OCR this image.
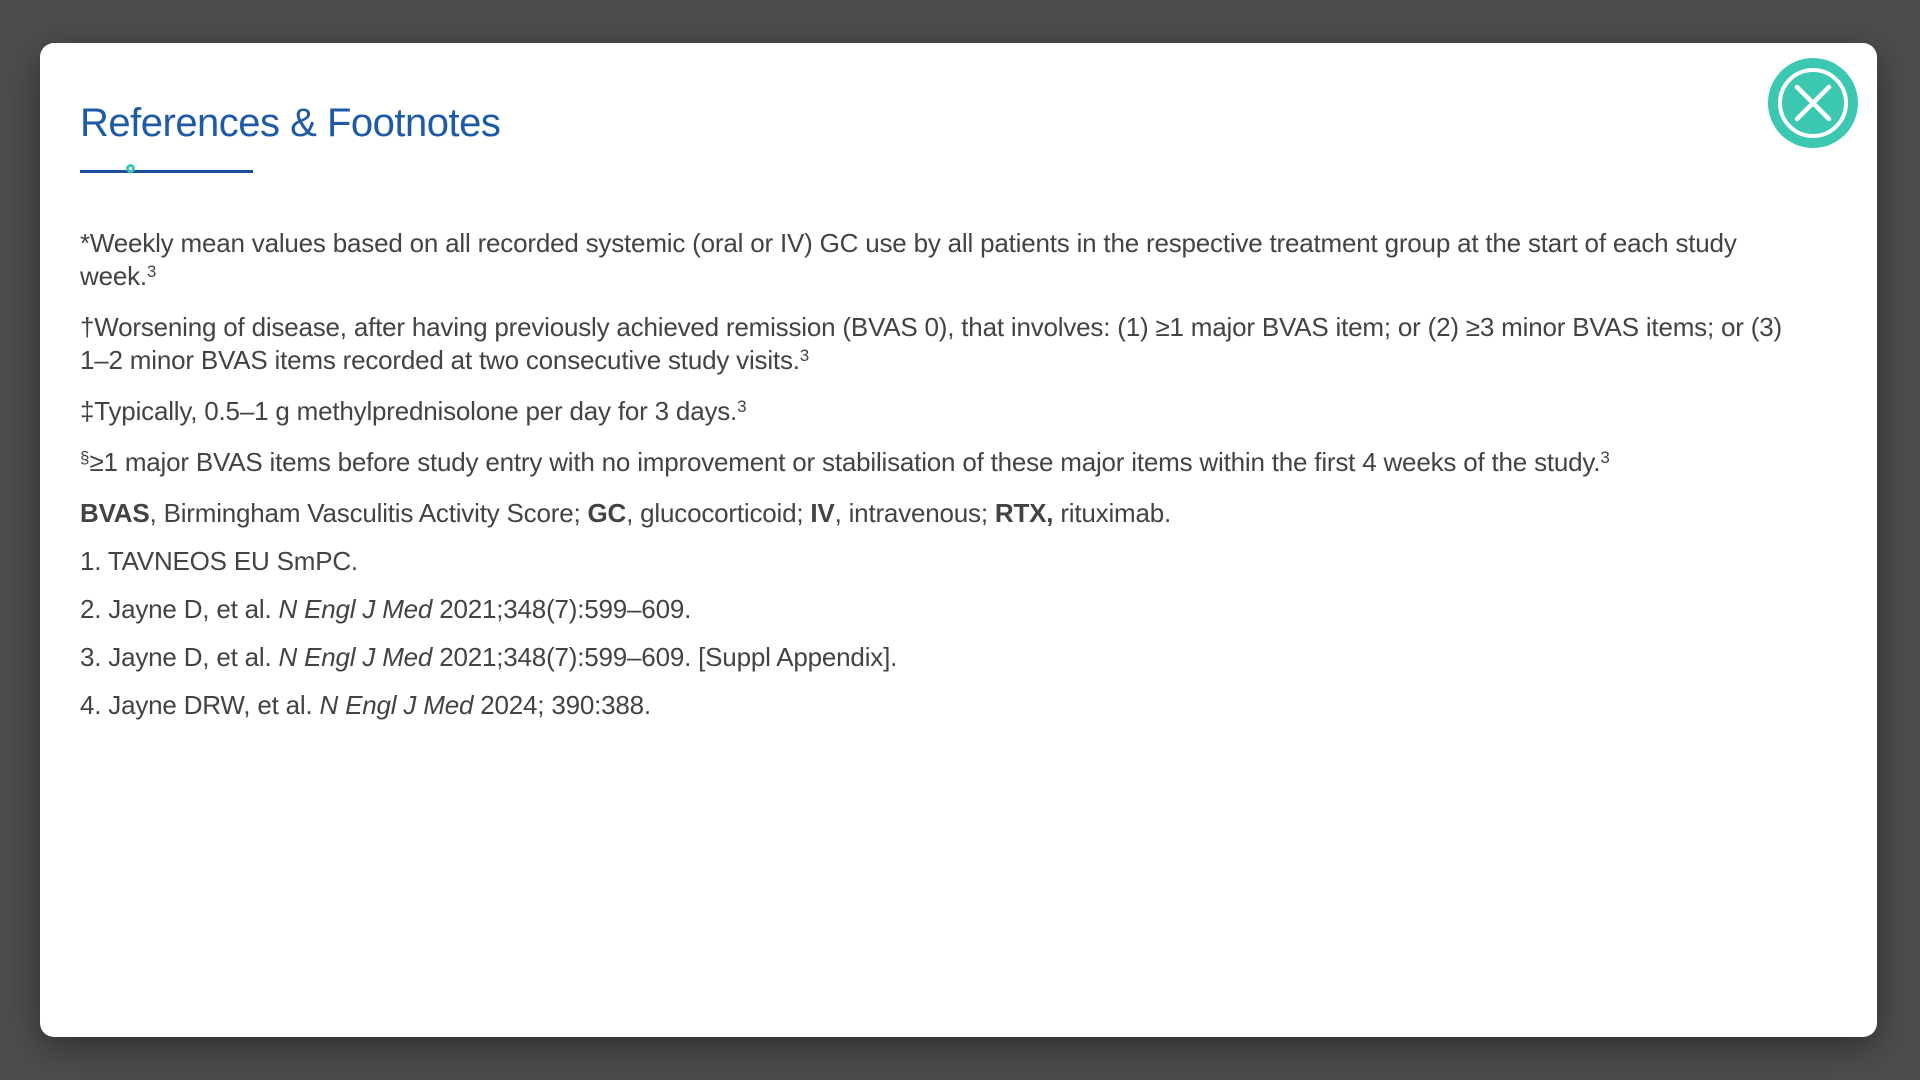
References & Footnotes

*Weekly mean values based on all recorded systemic (oral or IV) GC use by all patients in the respective treatment group at the start of each study week.$^3$

†Worsening of disease, after having previously achieved remission (BVAS 0), that involves: (1) ≥1 major BVAS item; or (2) ≥3 minor BVAS items; or (3) 1–2 minor BVAS items recorded at two consecutive study visits.$^3$

‡Typically, 0.5–1 g methylprednisolone per day for 3 days.$^3$

§≥1 major BVAS items before study entry with no improvement or stabilisation of these major items within the first 4 weeks of the study.$^3$

BVAS, Birmingham Vasculitis Activity Score; GC, glucocorticoid; IV, intravenous; RTX, rituximab.

1. TAVNEOS EU SmPC.

2. Jayne D, et al. N Engl J Med 2021;348(7):599–609.

3. Jayne D, et al. N Engl J Med 2021;348(7):599–609. [Suppl Appendix].

4. Jayne DRW, et al. N Engl J Med 2024; 390:388.
